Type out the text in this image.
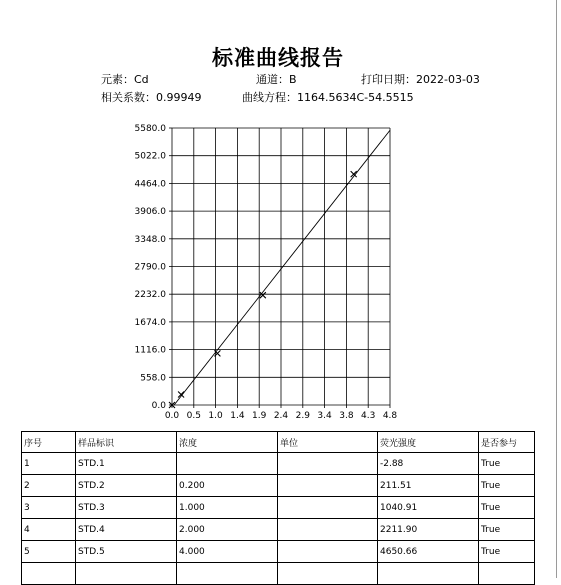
标准曲线报告
元素：Cd	通道：B	打印日期：2022-03-03
相关系数：0.99949	曲线方程：1164.5634C-54.5515
0.0 0.5 1.0 1.4 1.9 2.4 2.9 3.4 3.8 4.3 4.8
0.0
558.0
1116.0
1674.0
2232.0
2790.0
3348.0
3906.0
4464.0
5022.0
5580.0
序号	样品标识	浓度	单位	荧光强度	是否参与
1	STD.1			-2.88	True
2	STD.2	0.200		211.51	True
3	STD.3	1.000		1040.91	True
4	STD.4	2.000		2211.90	True
5	STD.5	4.000		4650.66	True
